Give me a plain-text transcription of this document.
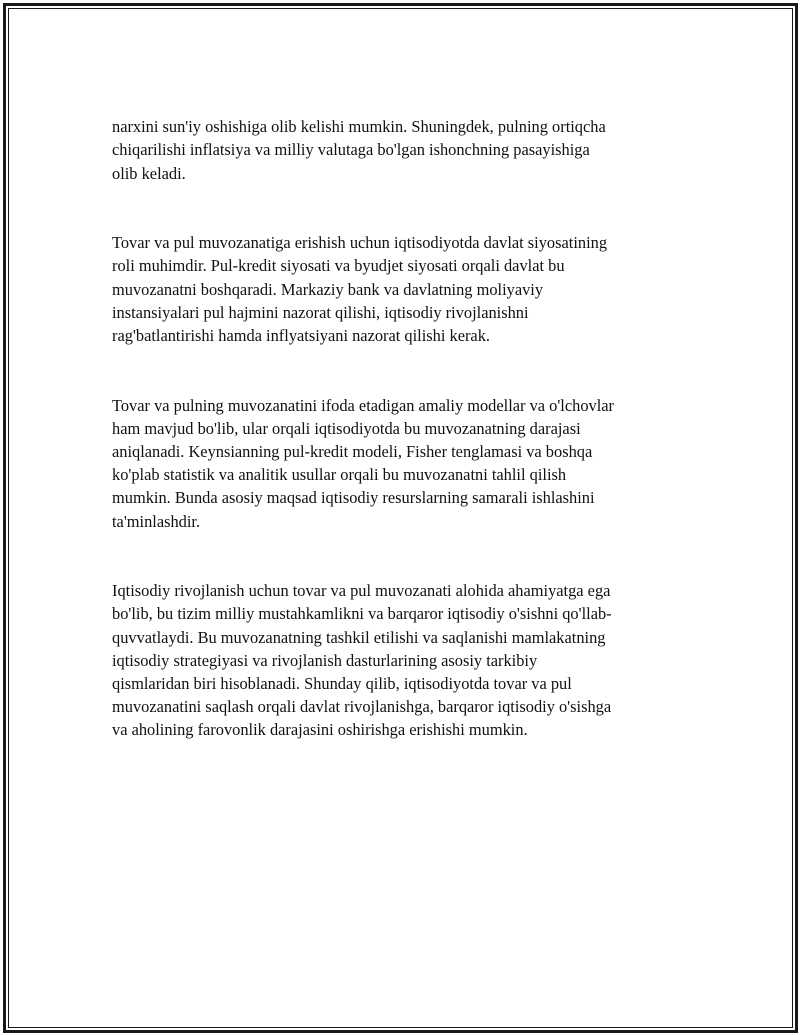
narxini sun'iy oshishiga olib kelishi mumkin. Shuningdek, pulning ortiqcha
chiqarilishi inflatsiya va milliy valutaga bo'lgan ishonchning pasayishiga
olib keladi.

Tovar va pul muvozanatiga erishish uchun iqtisodiyotda davlat siyosatining
roli muhimdir. Pul-kredit siyosati va byudjet siyosati orqali davlat bu
muvozanatni boshqaradi. Markaziy bank va davlatning moliyaviy
instansiyalari pul hajmini nazorat qilishi, iqtisodiy rivojlanishni
rag'batlantirishi hamda inflyatsiyani nazorat qilishi kerak.

Tovar va pulning muvozanatini ifoda etadigan amaliy modellar va o'lchovlar
ham mavjud bo'lib, ular orqali iqtisodiyotda bu muvozanatning darajasi
aniqlanadi. Keynsianning pul-kredit modeli, Fisher tenglamasi va boshqa
ko'plab statistik va analitik usullar orqali bu muvozanatni tahlil qilish
mumkin. Bunda asosiy maqsad iqtisodiy resurslarning samarali ishlashini
ta'minlashdir.

Iqtisodiy rivojlanish uchun tovar va pul muvozanati alohida ahamiyatga ega
bo'lib, bu tizim milliy mustahkamlikni va barqaror iqtisodiy o'sishni qo'llab-
quvvatlaydi. Bu muvozanatning tashkil etilishi va saqlanishi mamlakatning
iqtisodiy strategiyasi va rivojlanish dasturlarining asosiy tarkibiy
qismlaridan biri hisoblanadi. Shunday qilib, iqtisodiyotda tovar va pul
muvozanatini saqlash orqali davlat rivojlanishga, barqaror iqtisodiy o'sishga
va aholining farovonlik darajasini oshirishga erishishi mumkin.
